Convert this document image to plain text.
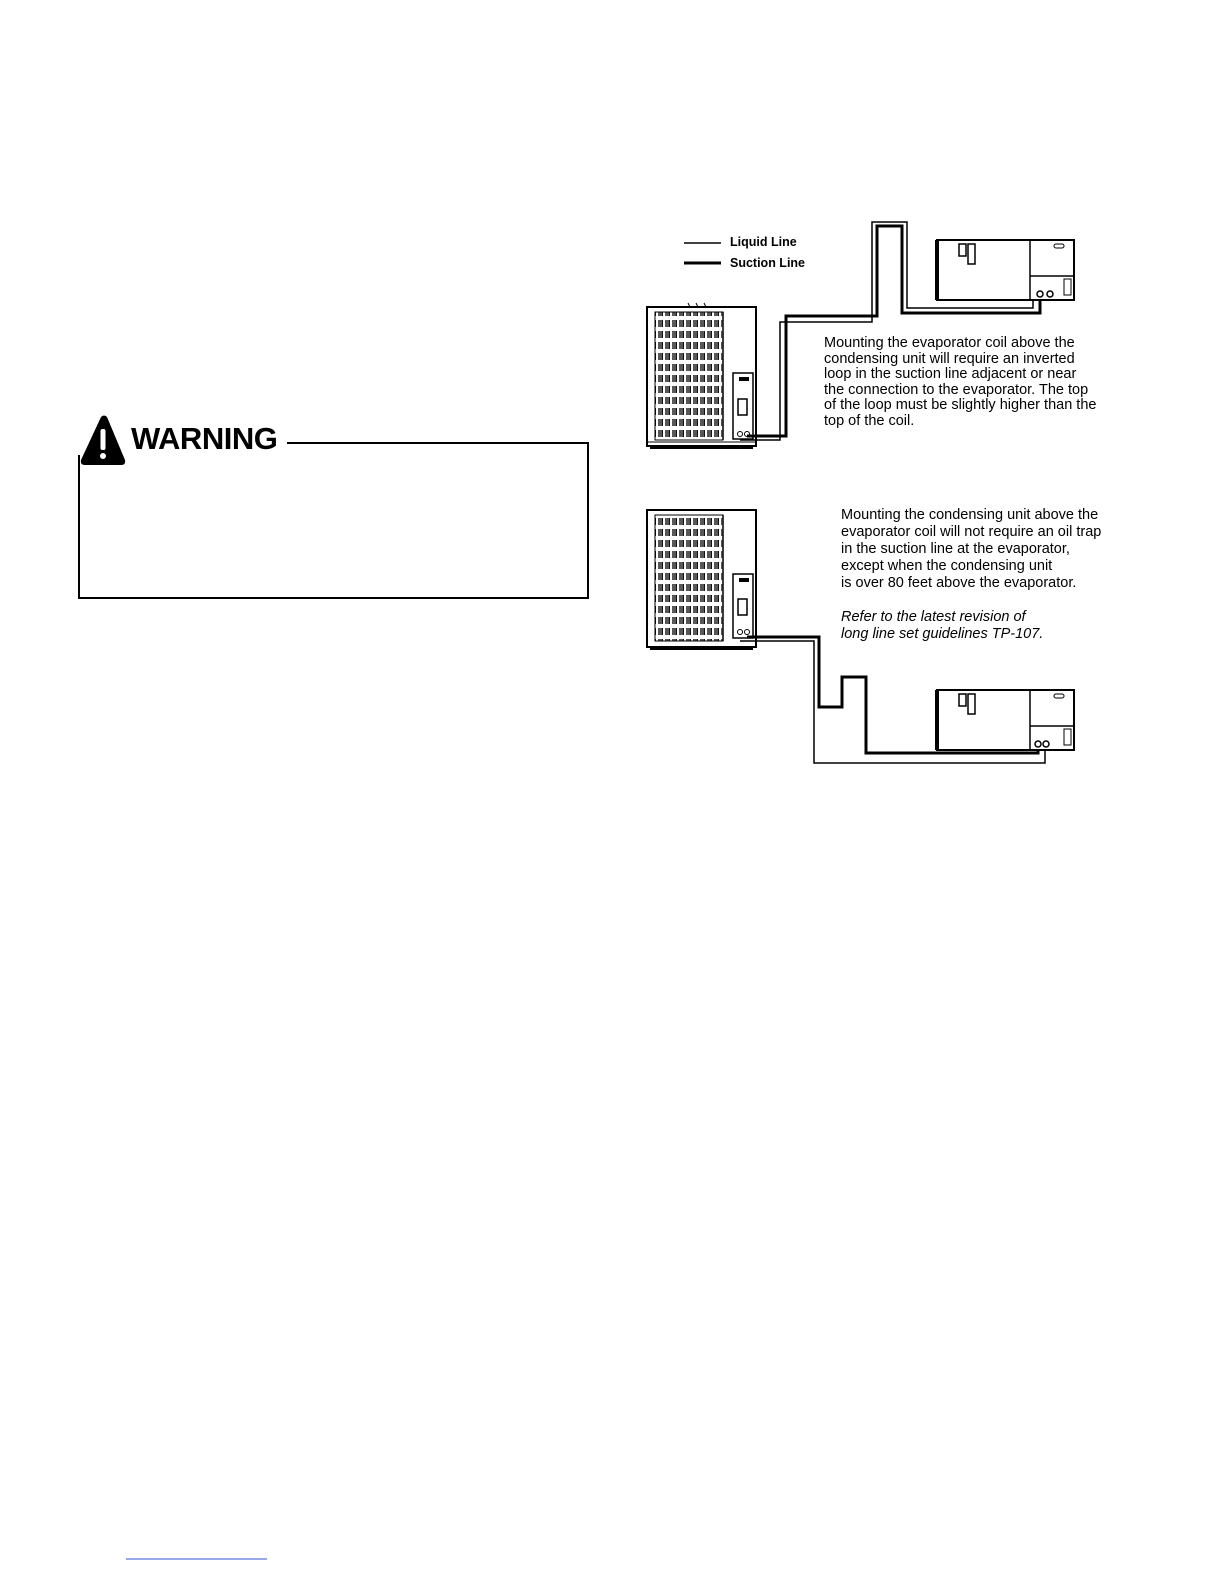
WARNING
Liquid Line
Suction Line
Mounting the evaporator coil above the
condensing unit will require an inverted
loop in the suction line adjacent or near
the connection to the evaporator. The top
of the loop must be slightly higher than the
top of the coil.
Mounting the condensing unit above the
evaporator coil will not require an oil trap
in the suction line at the evaporator,
except when the condensing unit
is over 80 feet above the evaporator.
Refer to the latest revision of
long line set guidelines TP-107.
